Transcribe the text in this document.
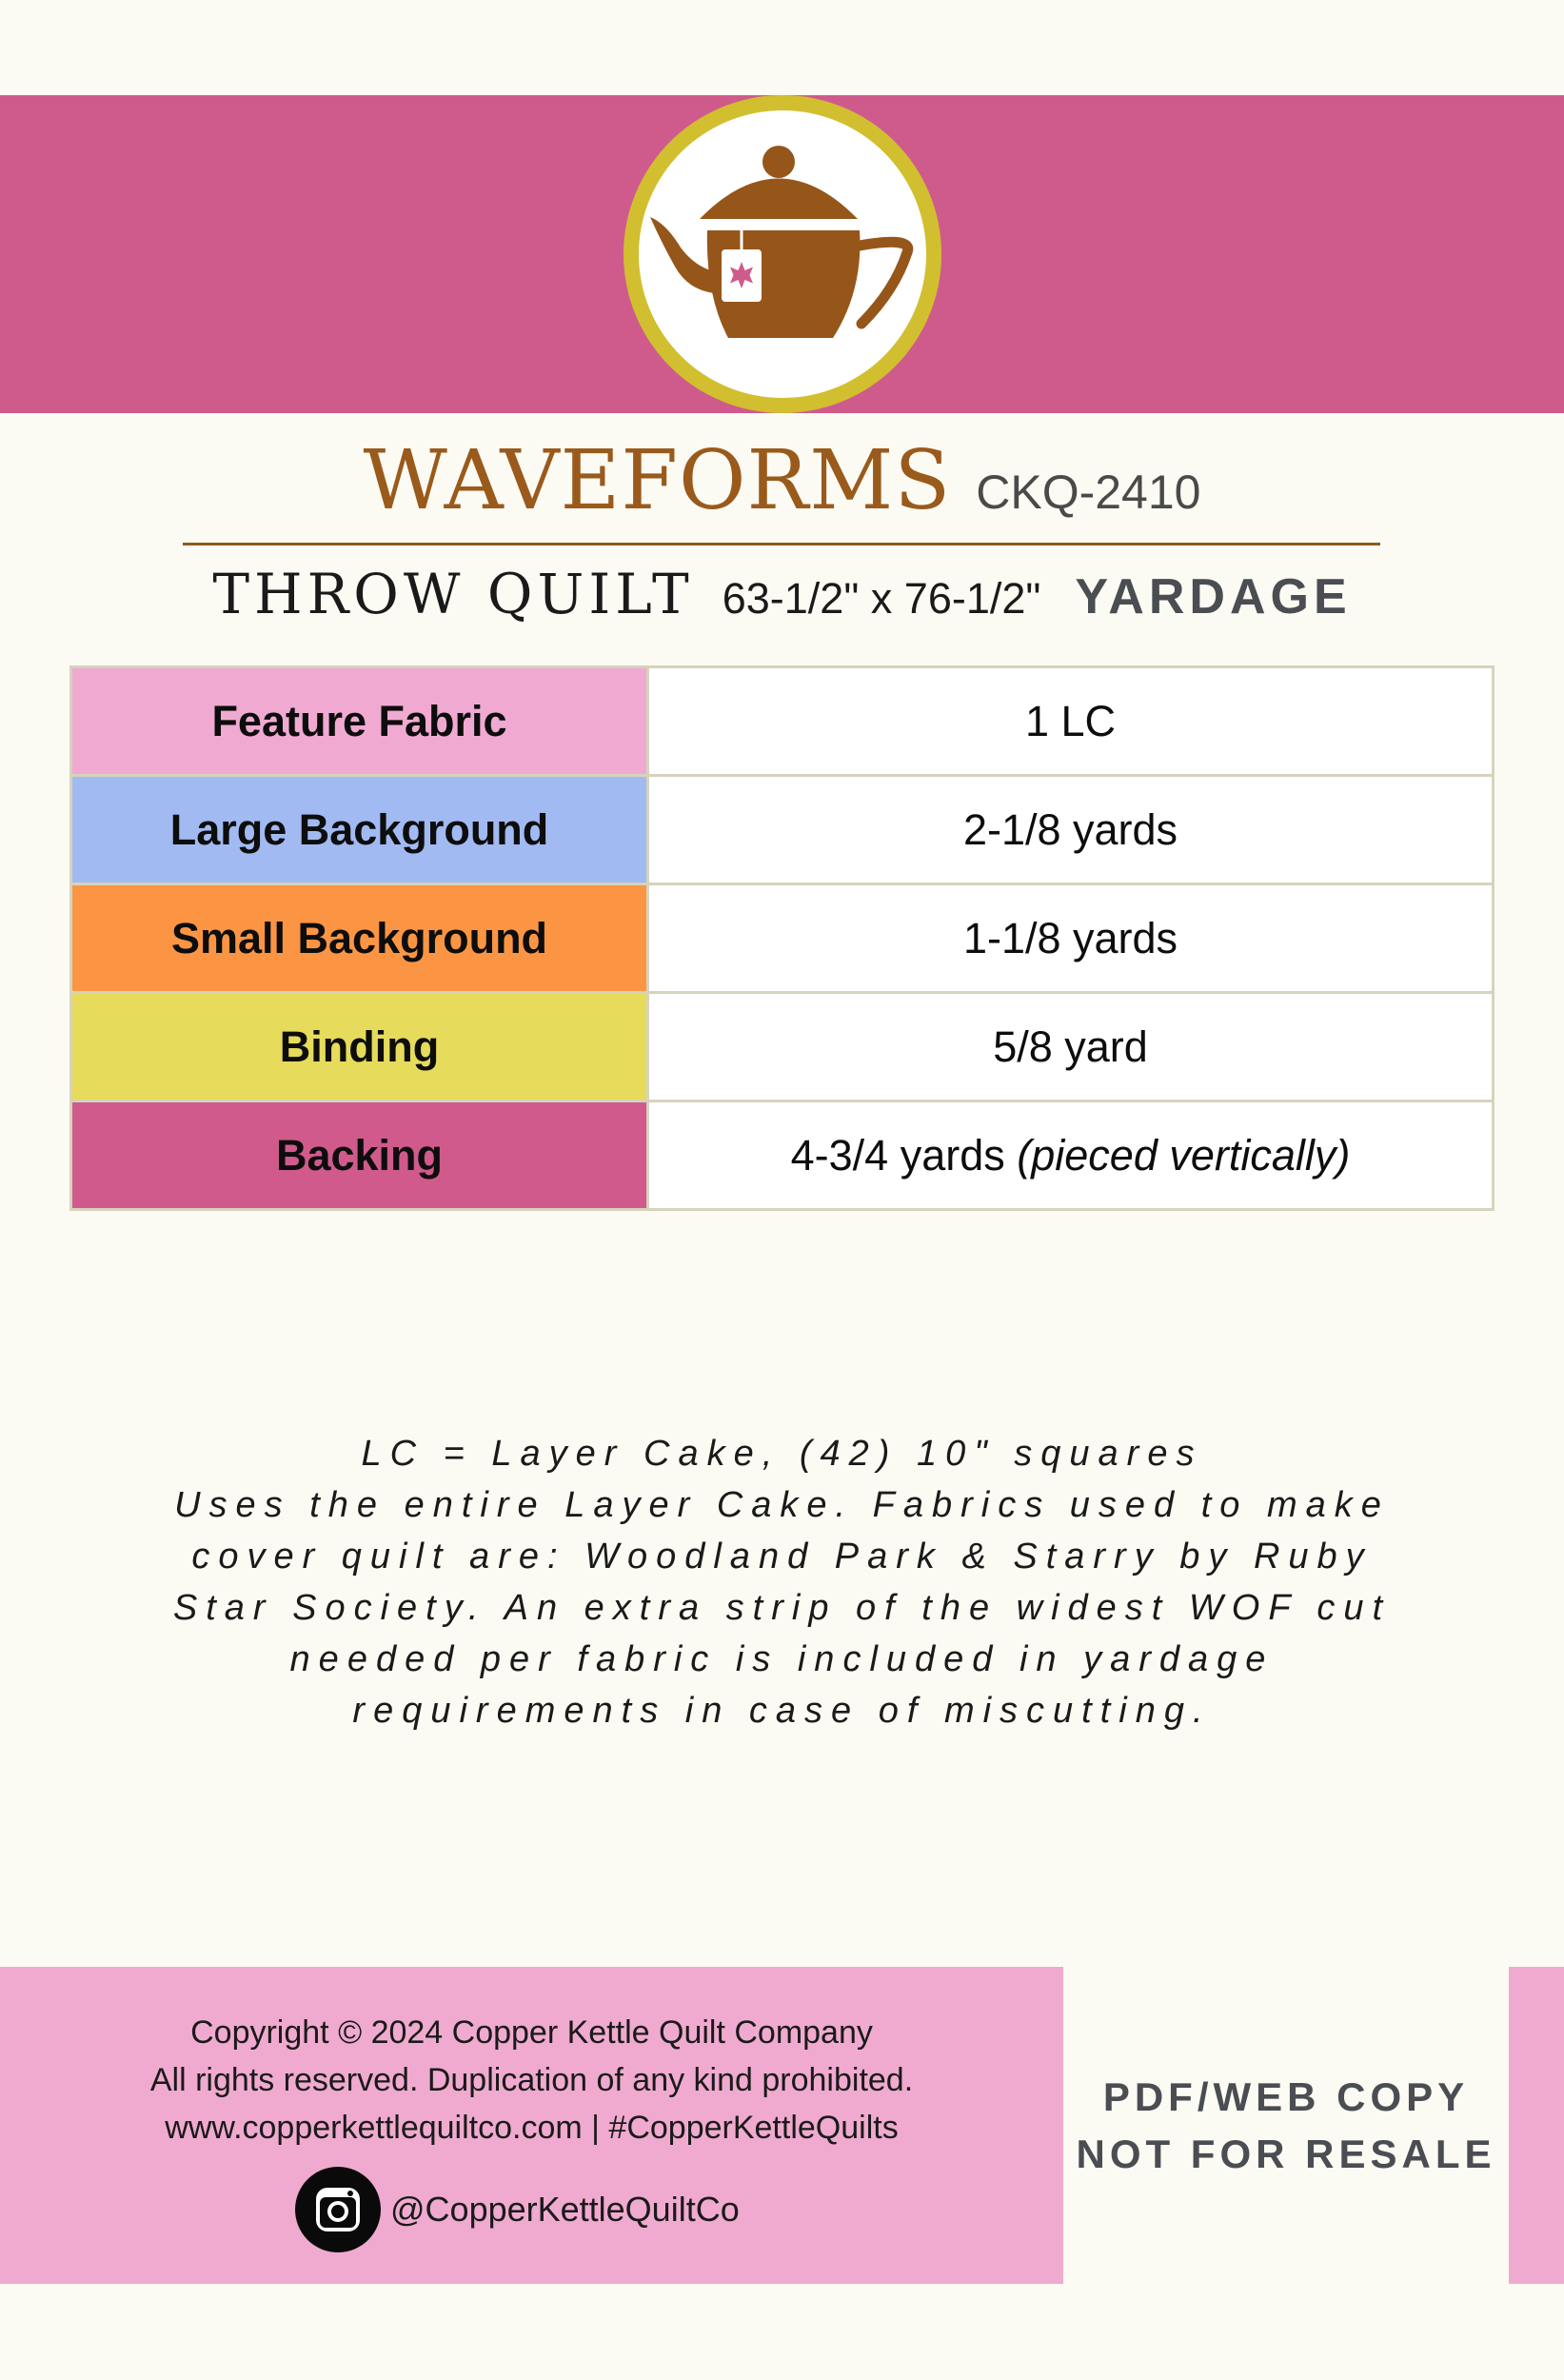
WAVEFORMS CKQ-2410
THROW QUILT 63-1/2" x 76-1/2" YARDAGE
Feature Fabric	1 LC
Large Background	2-1/8 yards
Small Background	1-1/8 yards
Binding	5/8 yard
Backing	4-3/4 yards (pieced vertically)

LC = Layer Cake, (42) 10" squares

Uses the entire Layer Cake. Fabrics used to make

cover quilt are: Woodland Park & Starry by Ruby

Star Society. An extra strip of the widest WOF cut

needed per fabric is included in yardage

requirements in case of miscutting.

Copyright © 2024 Copper Kettle Quilt Company
All rights reserved. Duplication of any kind prohibited.
www.copperkettlequiltco.com | #CopperKettleQuilts
@CopperKettleQuiltCo
PDF/WEB COPY
NOT FOR RESALE
